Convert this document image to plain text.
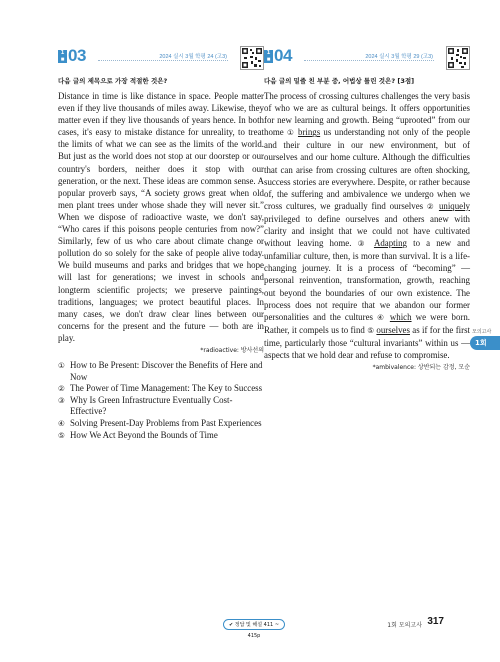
1
■ 03	2024 실시 3월 학평 24 (고3)
다음 글의 제목으로 가장 적절한 것은?

Distance in time is like distance in space. People matter even if they live thousands of miles away. Likewise, they matter even if they live thousands of years hence. In both cases, it's easy to mistake distance for unreality, to treat the limits of what we can see as the limits of the world. But just as the world does not stop at our doorstep or our country's borders, neither does it stop with our generation, or the next. These ideas are common sense. A popular proverb says, “A society grows great when old men plant trees under whose shade they will never sit.” When we dispose of radioactive waste, we don't say, “Who cares if this poisons people centuries from now?” Similarly, few of us who care about climate change or pollution do so solely for the sake of people alive today. We build museums and parks and bridges that we hope will last for generations; we invest in schools and longterm scientific projects; we preserve paintings, traditions, languages; we protect beautiful places. In many cases, we don't draw clear lines between our concerns for the present and the future — both are in play.

*radioactive: 방사선의
① How to Be Present: Discover the Benefits of Here and Now
② The Power of Time Management: The Key to Success
③ Why Is Green Infrastructure Eventually Cost-Effective?
④ Solving Present-Day Problems from Past Experiences
⑤ How We Act Beyond the Bounds of Time
1
■ 04	2024 실시 3월 학평 29 (고3)
다음 글의 밑줄 친 부분 중, 어법상 틀린 것은? [3점]

The process of crossing cultures challenges the very basis of who we are as cultural beings. It offers opportunities for new learning and growth. Being “uprooted” from our home ① brings us understanding not only of the people and their culture in our new environment, but of ourselves and our home culture. Although the difficulties that can arise from crossing cultures are often shocking, success stories are everywhere. Despite, or rather because of, the suffering and ambivalence we undergo when we cross cultures, we gradually find ourselves ② uniquely privileged to define ourselves and others anew with clarity and insight that we could not have cultivated without leaving home. ③ Adapting to a new and unfamiliar culture, then, is more than survival. It is a life-changing journey. It is a process of “becoming” — personal reinvention, transformation, growth, reaching out beyond the boundaries of our own existence. The process does not require that we abandon our former personalities and the cultures ④ which we were born. Rather, it compels us to find ⑤ ourselves as if for the first time, particularly those “cultural invariants” within us — aspects that we hold dear and refuse to compromise.

*ambivalence: 상반되는 감정, 모순
모의고사
1회
✔ 정답 및 해설 411 ~ 415p
1회 모의고사 317
